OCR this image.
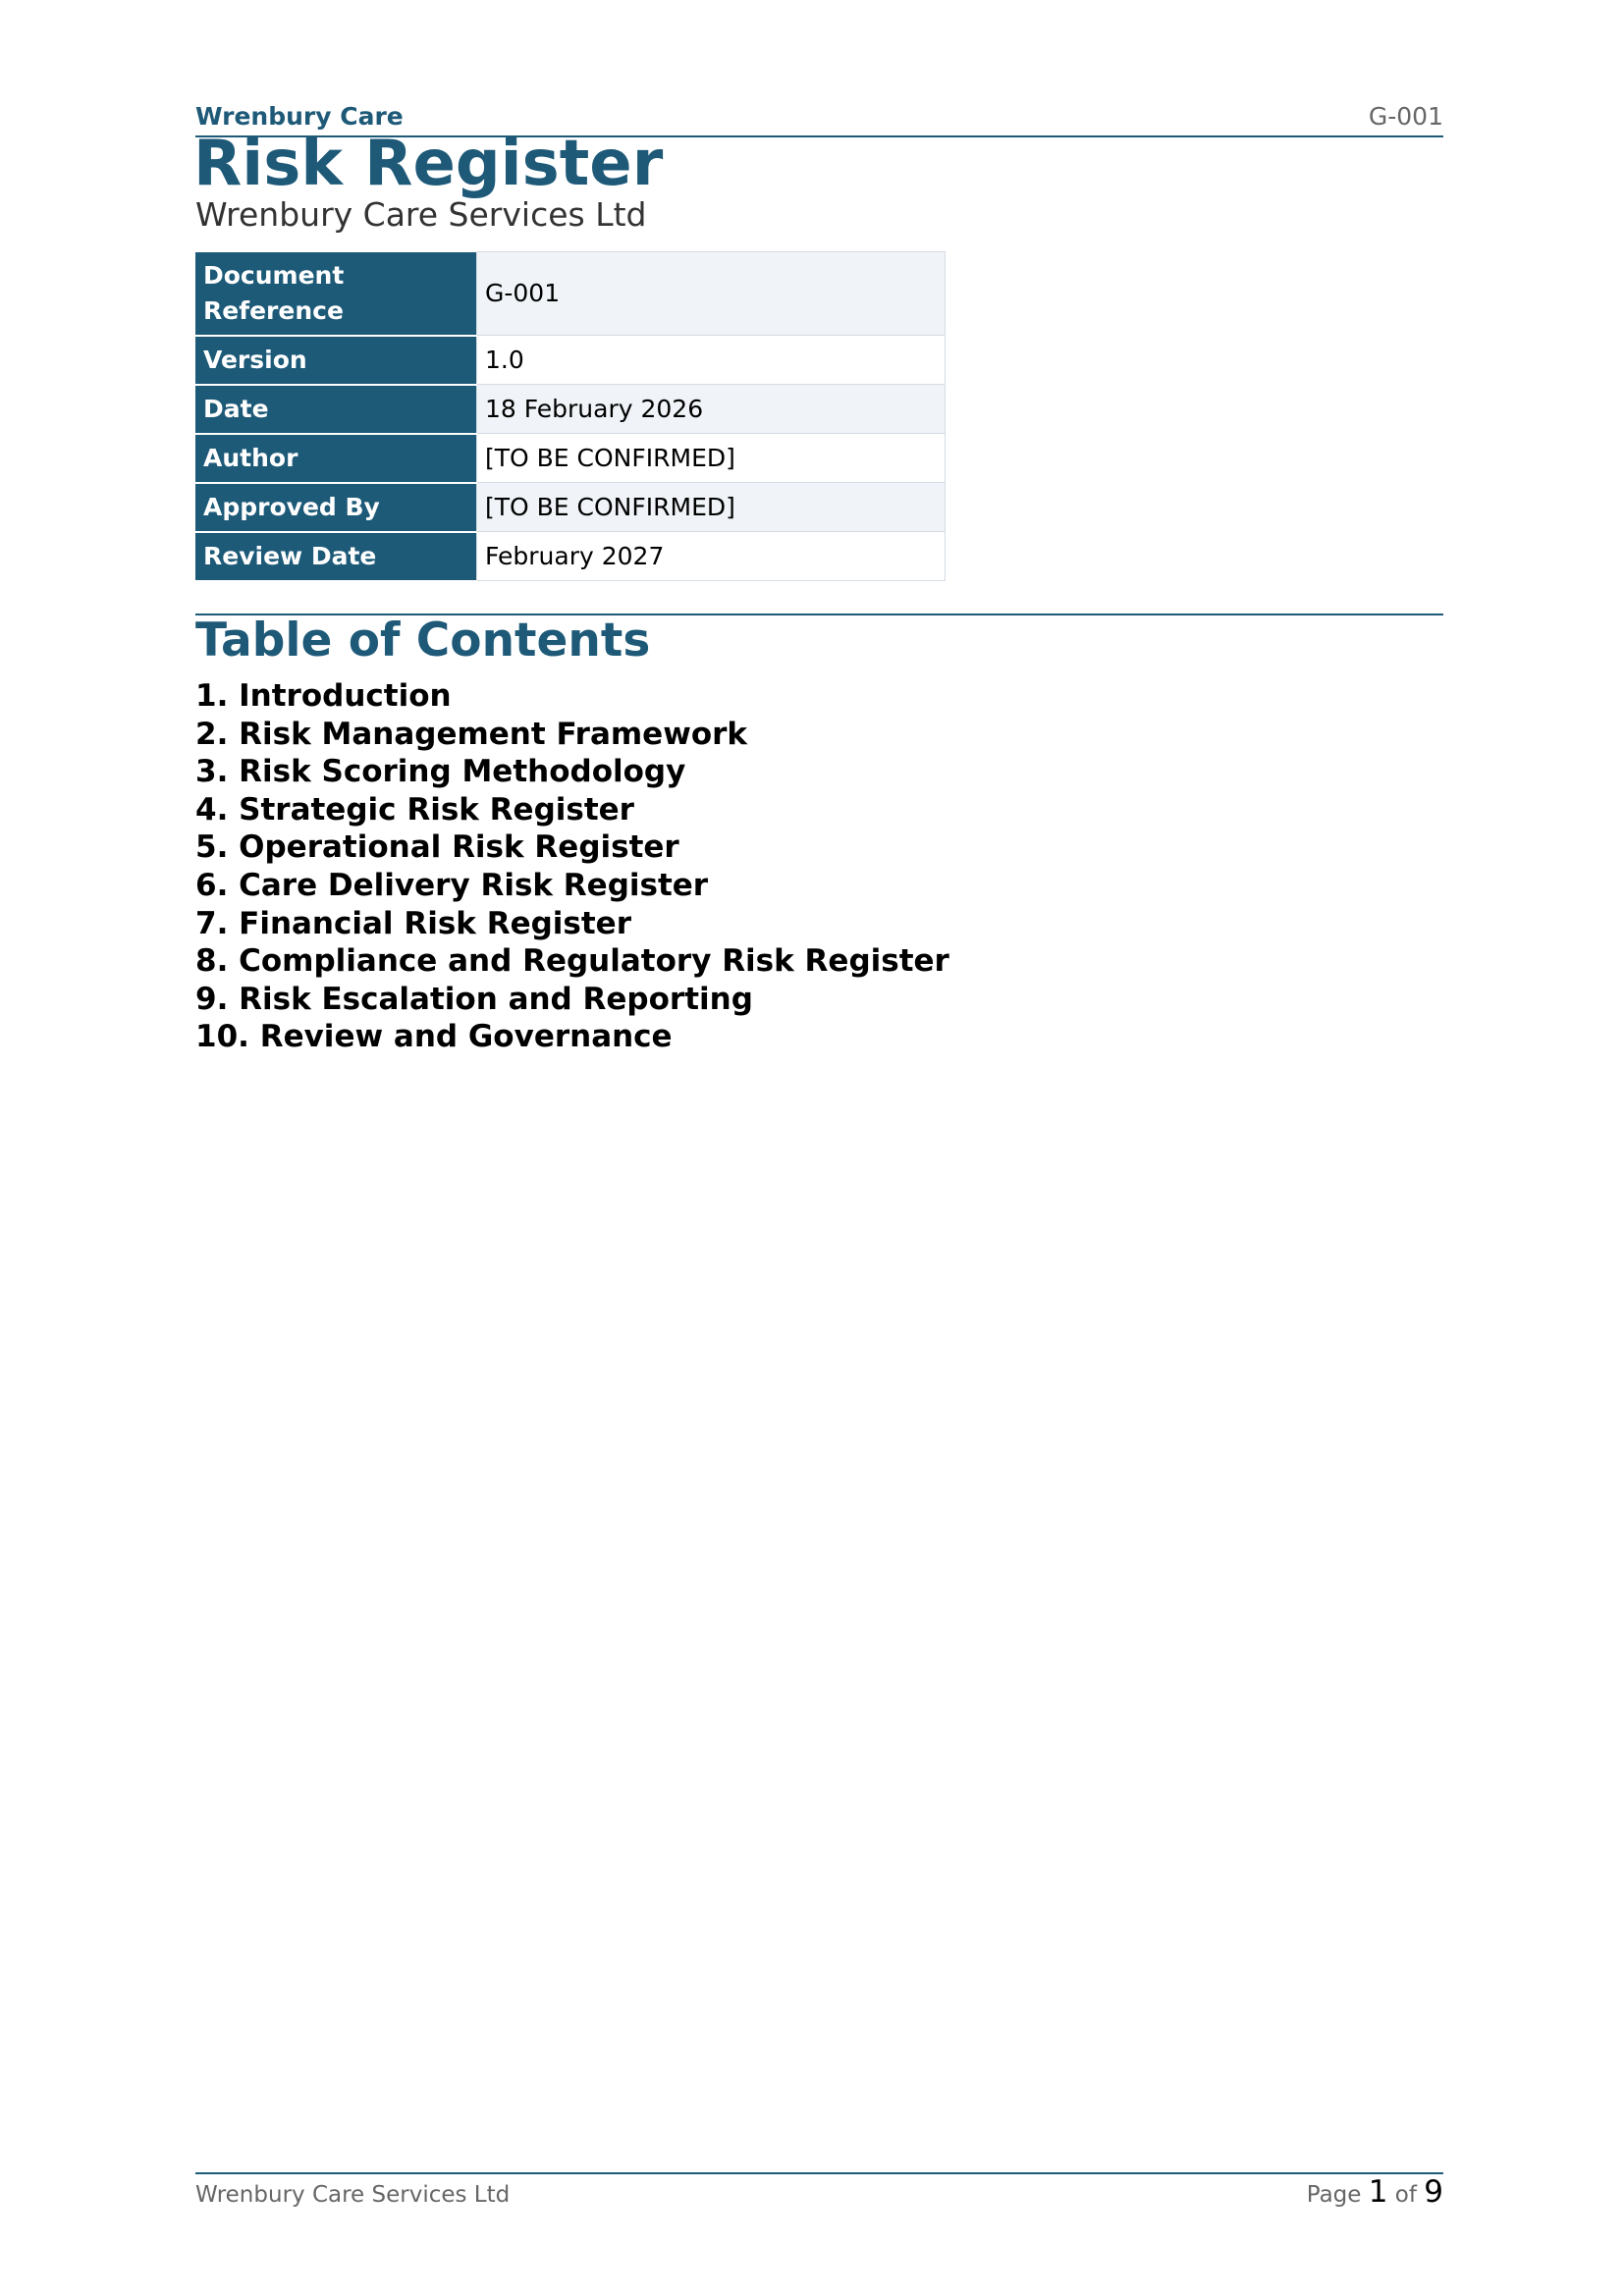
Wrenbury Care	G-001
Risk Register
Wrenbury Care Services Ltd
Document Reference	G-001
Version	1.0
Date	18 February 2026
Author	[TO BE CONFIRMED]
Approved By	[TO BE CONFIRMED]
Review Date	February 2027
Table of Contents
1. Introduction
2. Risk Management Framework
3. Risk Scoring Methodology
4. Strategic Risk Register
5. Operational Risk Register
6. Care Delivery Risk Register
7. Financial Risk Register
8. Compliance and Regulatory Risk Register
9. Risk Escalation and Reporting
10. Review and Governance
Wrenbury Care Services Ltd	Page 1 of 9
